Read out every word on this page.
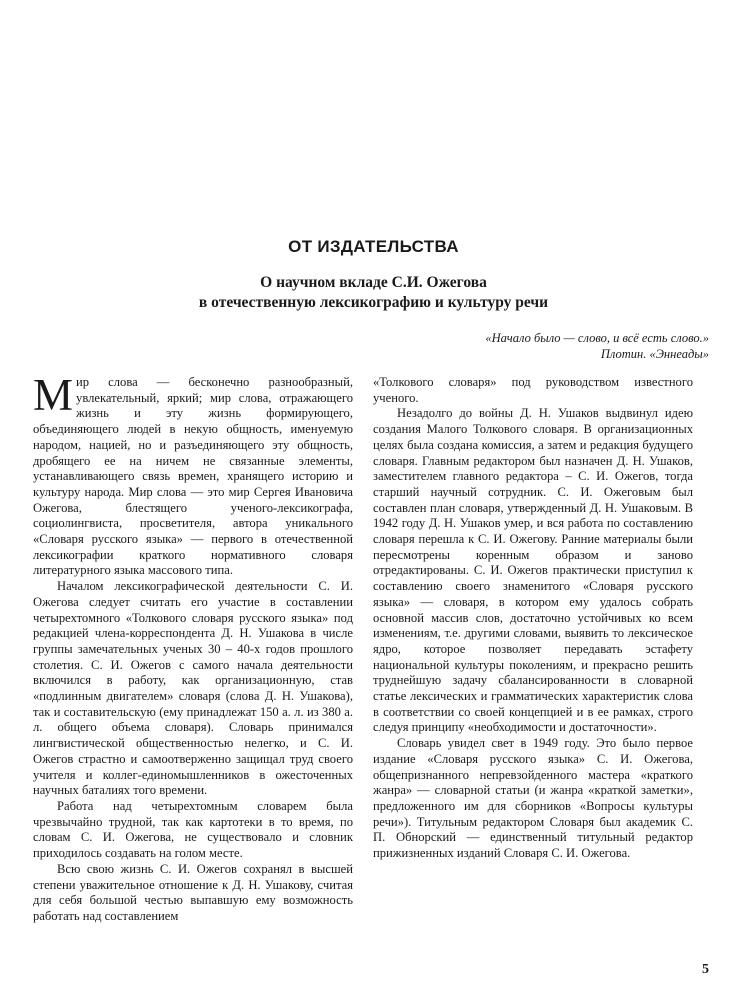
ОТ ИЗДАТЕЛЬСТВА
О научном вкладе С.И. Ожегова
в отечественную лексикографию и культуру речи
«Начало было — слово, и всё есть слово.»
Плотин. «Эннеады»

Мир слова — бесконечно разнообразный, увлекательный, яркий; мир слова, отражающего жизнь и эту жизнь формирующего, объединяющего людей в некую общность, именуемую народом, нацией, но и разъединяющего эту общность, дробящего ее на ничем не связанные элементы, устанавливающего связь времен, хранящего историю и культуру народа. Мир слова — это мир Сергея Ивановича Ожегова, блестящего ученого-лексикографа, социолингвиста, просветителя, автора уникального «Словаря русского языка» — первого в отечественной лексикографии краткого нормативного словаря литературного языка массового типа.

Началом лексикографической деятельности С. И. Ожегова следует считать его участие в составлении четырехтомного «Толкового словаря русского языка» под редакцией члена-корреспондента Д. Н. Ушакова в числе группы замечательных ученых 30 – 40-х годов прошлого столетия. С. И. Ожегов с самого начала деятельности включился в работу, как организационную, став «подлинным двигателем» словаря (слова Д. Н. Ушакова), так и составительскую (ему принадлежат 150 а. л. из 380 а. л. общего объема словаря). Словарь принимался лингвистической общественностью нелегко, и С. И. Ожегов страстно и самоотверженно защищал труд своего учителя и коллег-единомышленников в ожесточенных научных баталиях того времени.

Работа над четырехтомным словарем была чрезвычайно трудной, так как картотеки в то время, по словам С. И. Ожегова, не существовало и словник приходилось создавать на голом месте.

Всю свою жизнь С. И. Ожегов сохранял в высшей степени уважительное отношение к Д. Н. Ушакову, считая для себя большой честью выпавшую ему возможность работать над составлением

«Толкового словаря» под руководством известного ученого.

Незадолго до войны Д. Н. Ушаков выдвинул идею создания Малого Толкового словаря. В организационных целях была создана комиссия, а затем и редакция будущего словаря. Главным редактором был назначен Д. Н. Ушаков, заместителем главного редактора – С. И. Ожегов, тогда старший научный сотрудник. С. И. Ожеговым был составлен план словаря, утвержденный Д. Н. Ушаковым. В 1942 году Д. Н. Ушаков умер, и вся работа по составлению словаря перешла к С. И. Ожегову. Ранние материалы были пересмотрены коренным образом и заново отредактированы. С. И. Ожегов практически приступил к составлению своего знаменитого «Словаря русского языка» — словаря, в котором ему удалось собрать основной массив слов, достаточно устойчивых ко всем изменениям, т.е. другими словами, выявить то лексическое ядро, которое позволяет передавать эстафету национальной культуры поколениям, и прекрасно решить труднейшую задачу сбалансированности в словарной статье лексических и грамматических характеристик слова в соответствии со своей концепцией и в ее рамках, строго следуя принципу «необходимости и достаточности».

Словарь увидел свет в 1949 году. Это было первое издание «Словаря русского языка» С. И. Ожегова, общепризнанного непревзойденного мастера «краткого жанра» — словарной статьи (и жанра «краткой заметки», предложенного им для сборников «Вопросы культуры речи»). Титульным редактором Словаря был академик С. П. Обнорский — единственный титульный редактор прижизненных изданий Словаря С. И. Ожегова.

5
